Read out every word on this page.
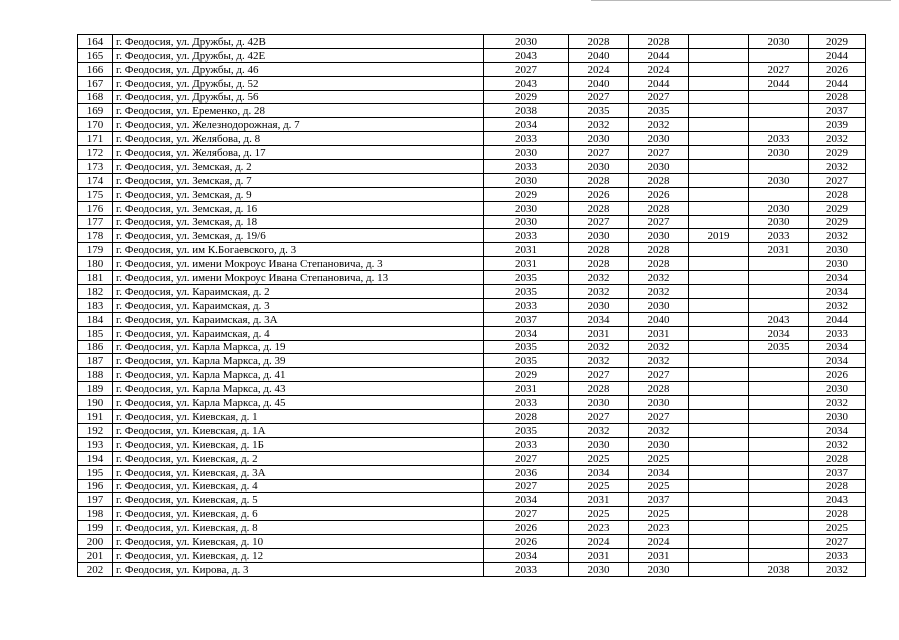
164	г. Феодосия, ул. Дружбы, д. 42В	2030	2028	2028		2030	2029
165	г. Феодосия, ул. Дружбы, д. 42Е	2043	2040	2044			2044
166	г. Феодосия, ул. Дружбы, д. 46	2027	2024	2024		2027	2026
167	г. Феодосия, ул. Дружбы, д. 52	2043	2040	2044		2044	2044
168	г. Феодосия, ул. Дружбы, д. 56	2029	2027	2027			2028
169	г. Феодосия, ул. Еременко, д. 28	2038	2035	2035			2037
170	г. Феодосия, ул. Железнодорожная, д. 7	2034	2032	2032			2039
171	г. Феодосия, ул. Желябова, д. 8	2033	2030	2030		2033	2032
172	г. Феодосия, ул. Желябова, д. 17	2030	2027	2027		2030	2029
173	г. Феодосия, ул. Земская, д. 2	2033	2030	2030			2032
174	г. Феодосия, ул. Земская, д. 7	2030	2028	2028		2030	2027
175	г. Феодосия, ул. Земская, д. 9	2029	2026	2026			2028
176	г. Феодосия, ул. Земская, д. 16	2030	2028	2028		2030	2029
177	г. Феодосия, ул. Земская, д. 18	2030	2027	2027		2030	2029
178	г. Феодосия, ул. Земская, д. 19/6	2033	2030	2030	2019	2033	2032
179	г. Феодосия, ул. им К.Богаевского, д. 3	2031	2028	2028		2031	2030
180	г. Феодосия, ул. имени Мокроус Ивана Степановича, д. 3	2031	2028	2028			2030
181	г. Феодосия, ул. имени Мокроус Ивана Степановича, д. 13	2035	2032	2032			2034
182	г. Феодосия, ул. Караимская, д. 2	2035	2032	2032			2034
183	г. Феодосия, ул. Караимская, д. 3	2033	2030	2030			2032
184	г. Феодосия, ул. Караимская, д. 3А	2037	2034	2040		2043	2044
185	г. Феодосия, ул. Караимская, д. 4	2034	2031	2031		2034	2033
186	г. Феодосия, ул. Карла Маркса, д. 19	2035	2032	2032		2035	2034
187	г. Феодосия, ул. Карла Маркса, д. 39	2035	2032	2032			2034
188	г. Феодосия, ул. Карла Маркса, д. 41	2029	2027	2027			2026
189	г. Феодосия, ул. Карла Маркса, д. 43	2031	2028	2028			2030
190	г. Феодосия, ул. Карла Маркса, д. 45	2033	2030	2030			2032
191	г. Феодосия, ул. Киевская, д. 1	2028	2027	2027			2030
192	г. Феодосия, ул. Киевская, д. 1А	2035	2032	2032			2034
193	г. Феодосия, ул. Киевская, д. 1Б	2033	2030	2030			2032
194	г. Феодосия, ул. Киевская, д. 2	2027	2025	2025			2028
195	г. Феодосия, ул. Киевская, д. 3А	2036	2034	2034			2037
196	г. Феодосия, ул. Киевская, д. 4	2027	2025	2025			2028
197	г. Феодосия, ул. Киевская, д. 5	2034	2031	2037			2043
198	г. Феодосия, ул. Киевская, д. 6	2027	2025	2025			2028
199	г. Феодосия, ул. Киевская, д. 8	2026	2023	2023			2025
200	г. Феодосия, ул. Киевская, д. 10	2026	2024	2024			2027
201	г. Феодосия, ул. Киевская, д. 12	2034	2031	2031			2033
202	г. Феодосия, ул. Кирова, д. 3	2033	2030	2030		2038	2032
